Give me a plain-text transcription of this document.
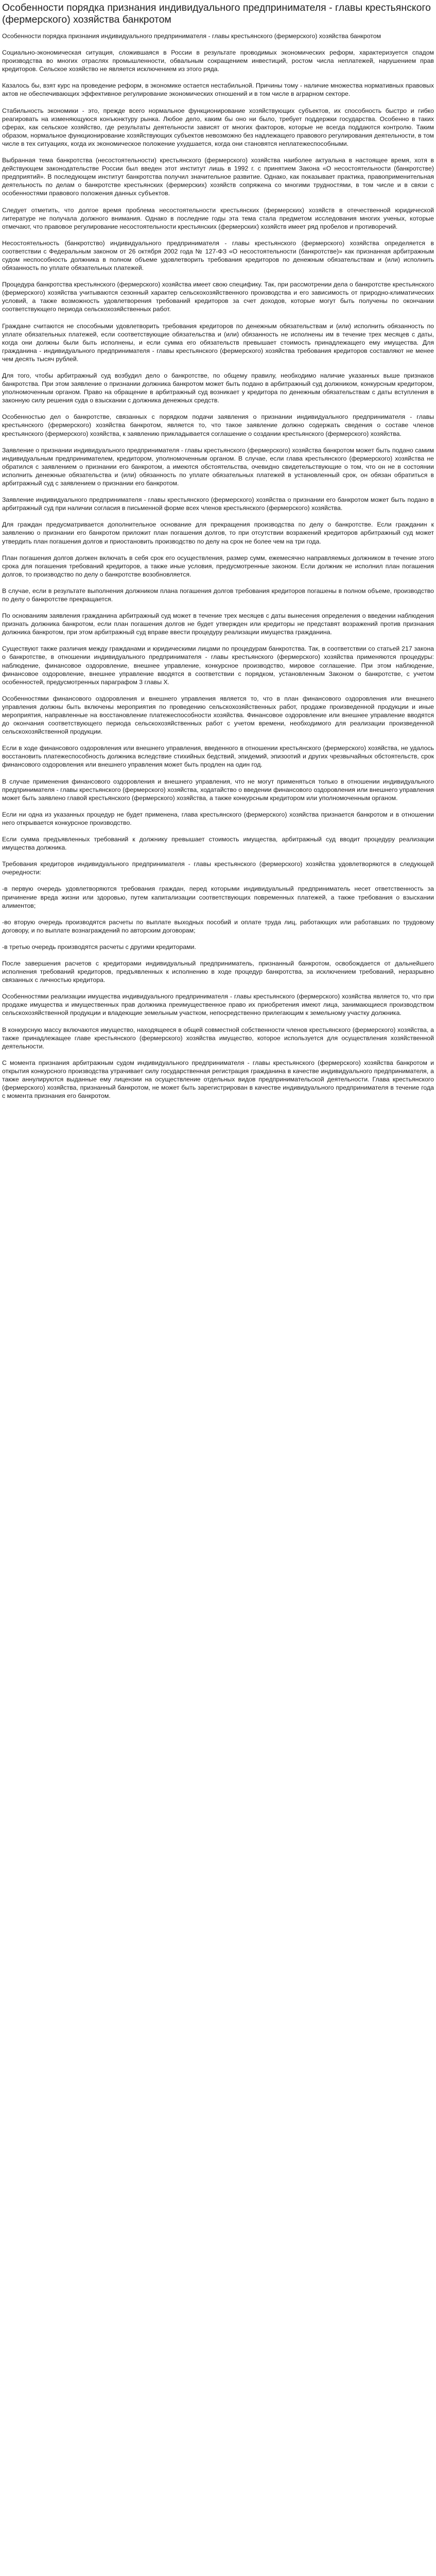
Особенности порядка признания индивидуального предпринимателя - главы крестьянского (фермерского) хозяйства банкротом

Особенности порядка признания индивидуального предпринимателя - главы крестьянского (фермерского) хозяйства банкротом

Социально-экономическая ситуация, сложившаяся в России в результате проводимых экономических реформ, характеризуется спадом производства во многих отраслях промышленности, обвальным сокращением инвестиций, ростом числа неплатежей, нарушением прав кредиторов. Сельское хозяйство не является исключением из этого ряда.

Казалось бы, взят курс на проведение реформ, в экономике остается нестабильной. Причины тому - наличие множества нормативных правовых актов не обеспечивающих эффективное регулирование экономических отношений и в том числе в аграрном секторе.

Стабильность экономики - это, прежде всего нормальное функционирование хозяйствующих субъектов, их способность быстро и гибко реагировать на изменяющуюся конъюнктуру рынка. Любое дело, каким бы оно ни было, требует поддержки государства. Особенно в таких сферах, как сельское хозяйство, где результаты деятельности зависят от многих факторов, которые не всегда поддаются контролю. Таким образом, нормальное функционирование хозяйствующих субъектов невозможно без надлежащего правового регулирования деятельности, в том числе в тех ситуациях, когда их экономическое положение ухудшается, когда они становятся неплатежеспособными.

Выбранная тема банкротства (несостоятельности) крестьянского (фермерского) хозяйства наиболее актуальна в настоящее время, хотя в действующем законодательстве России был введен этот институт лишь в 1992 г. с принятием Закона «О несостоятельности (банкротстве) предприятий». В последующем институт банкротства получил значительное развитие. Однако, как показывает практика, правоприменительная деятельность по делам о банкротстве крестьянских (фермерских) хозяйств сопряжена со многими трудностями, в том числе и в связи с особенностями правового положения данных субъектов.

Следует отметить, что долгое время проблема несостоятельности крестьянских (фермерских) хозяйств в отечественной юридической литературе не получала должного внимания. Однако в последние годы эта тема стала предметом исследования многих ученых, которые отмечают, что правовое регулирование несостоятельности крестьянских (фермерских) хозяйств имеет ряд пробелов и противоречий.

Несостоятельность (банкротство) индивидуального предпринимателя - главы крестьянского (фермерского) хозяйства определяется в соответствии с Федеральным законом от 26 октября 2002 года № 127-ФЗ «О несостоятельности (банкротстве)» как признанная арбитражным судом неспособность должника в полном объеме удовлетворить требования кредиторов по денежным обязательствам и (или) исполнить обязанность по уплате обязательных платежей.

Процедура банкротства крестьянского (фермерского) хозяйства имеет свою специфику. Так, при рассмотрении дела о банкротстве крестьянского (фермерского) хозяйства учитываются сезонный характер сельскохозяйственного производства и его зависимость от природно-климатических условий, а также возможность удовлетворения требований кредиторов за счет доходов, которые могут быть получены по окончании соответствующего периода сельскохозяйственных работ.

Граждане считаются не способными удовлетворить требования кредиторов по денежным обязательствам и (или) исполнить обязанность по уплате обязательных платежей, если соответствующие обязательства и (или) обязанность не исполнены им в течение трех месяцев с даты, когда они должны были быть исполнены, и если сумма его обязательств превышает стоимость принадлежащего ему имущества. Для гражданина - индивидуального предпринимателя - главы крестьянского (фермерского) хозяйства требования кредиторов составляют не менее чем десять тысяч рублей.

Для того, чтобы арбитражный суд возбудил дело о банкротстве, по общему правилу, необходимо наличие указанных выше признаков банкротства. При этом заявление о признании должника банкротом может быть подано в арбитражный суд должником, конкурсным кредитором, уполномоченным органом. Право на обращение в арбитражный суд возникает у кредитора по денежным обязательствам с даты вступления в законную силу решения суда о взыскании с должника денежных средств.

Особенностью дел о банкротстве, связанных с порядком подачи заявления о признании индивидуального предпринимателя - главы крестьянского (фермерского) хозяйства банкротом, является то, что такое заявление должно содержать сведения о составе членов крестьянского (фермерского) хозяйства, к заявлению прикладывается соглашение о создании крестьянского (фермерского) хозяйства.

Заявление о признании индивидуального предпринимателя - главы крестьянского (фермерского) хозяйства банкротом может быть подано самим индивидуальным предпринимателем, кредитором, уполномоченным органом. В случае, если глава крестьянского (фермерского) хозяйства не обратился с заявлением о признании его банкротом, а имеются обстоятельства, очевидно свидетельствующие о том, что он не в состоянии исполнить денежные обязательства и (или) обязанность по уплате обязательных платежей в установленный срок, он обязан обратиться в арбитражный суд с заявлением о признании его банкротом.

Заявление индивидуального предпринимателя - главы крестьянского (фермерского) хозяйства о признании его банкротом может быть подано в арбитражный суд при наличии согласия в письменной форме всех членов крестьянского (фермерского) хозяйства.

Для граждан предусматривается дополнительное основание для прекращения производства по делу о банкротстве. Если гражданин к заявлению о признании его банкротом приложит план погашения долгов, то при отсутствии возражений кредиторов арбитражный суд может утвердить план погашения долгов и приостановить производство по делу на срок не более чем на три года.

План погашения долгов должен включать в себя срок его осуществления, размер сумм, ежемесячно направляемых должником в течение этого срока для погашения требований кредиторов, а также иные условия, предусмотренные законом. Если должник не исполнил план погашения долгов, то производство по делу о банкротстве возобновляется.

В случае, если в результате выполнения должником плана погашения долгов требования кредиторов погашены в полном объеме, производство по делу о банкротстве прекращается.

По основаниям заявления гражданина арбитражный суд может в течение трех месяцев с даты вынесения определения о введении наблюдения признать должника банкротом, если план погашения долгов не будет утвержден или кредиторы не представят возражений против признания должника банкротом, при этом арбитражный суд вправе ввести процедуру реализации имущества гражданина.

Существуют также различия между гражданами и юридическими лицами по процедурам банкротства. Так, в соответствии со статьей 217 закона о банкротстве, в отношении индивидуального предпринимателя - главы крестьянского (фермерского) хозяйства применяются процедуры: наблюдение, финансовое оздоровление, внешнее управление, конкурсное производство, мировое соглашение. При этом наблюдение, финансовое оздоровление, внешнее управление вводятся в соответствии с порядком, установленным Законом о банкротстве, с учетом особенностей, предусмотренных параграфом 3 главы X.

Особенностями финансового оздоровления и внешнего управления является то, что в план финансового оздоровления или внешнего управления должны быть включены мероприятия по проведению сельскохозяйственных работ, продаже произведенной продукции и иные мероприятия, направленные на восстановление платежеспособности хозяйства. Финансовое оздоровление или внешнее управление вводятся до окончания соответствующего периода сельскохозяйственных работ с учетом времени, необходимого для реализации произведенной сельскохозяйственной продукции.

Если в ходе финансового оздоровления или внешнего управления, введенного в отношении крестьянского (фермерского) хозяйства, не удалось восстановить платежеспособность должника вследствие стихийных бедствий, эпидемий, эпизоотий и других чрезвычайных обстоятельств, срок финансового оздоровления или внешнего управления может быть продлен на один год.

В случае применения финансового оздоровления и внешнего управления, что не могут применяться только в отношении индивидуального предпринимателя - главы крестьянского (фермерского) хозяйства, ходатайство о введении финансового оздоровления или внешнего управления может быть заявлено главой крестьянского (фермерского) хозяйства, а также конкурсным кредитором или уполномоченным органом.

Если ни одна из указанных процедур не будет применена, глава крестьянского (фермерского) хозяйства признается банкротом и в отношении него открывается конкурсное производство.

Если сумма предъявленных требований к должнику превышает стоимость имущества, арбитражный суд вводит процедуру реализации имущества должника.

Требования кредиторов индивидуального предпринимателя - главы крестьянского (фермерского) хозяйства удовлетворяются в следующей очередности:

-в первую очередь удовлетворяются требования граждан, перед которыми индивидуальный предприниматель несет ответственность за причинение вреда жизни или здоровью, путем капитализации соответствующих повременных платежей, а также требования о взыскании алиментов;

-во вторую очередь производятся расчеты по выплате выходных пособий и оплате труда лиц, работающих или работавших по трудовому договору, и по выплате вознаграждений по авторским договорам;

-в третью очередь производятся расчеты с другими кредиторами.

После завершения расчетов с кредиторами индивидуальный предприниматель, признанный банкротом, освобождается от дальнейшего исполнения требований кредиторов, предъявленных к исполнению в ходе процедур банкротства, за исключением требований, неразрывно связанных с личностью кредитора.

Особенностями реализации имущества индивидуального предпринимателя - главы крестьянского (фермерского) хозяйства является то, что при продаже имущества и имущественных прав должника преимущественное право их приобретения имеют лица, занимающиеся производством сельскохозяйственной продукции и владеющие земельным участком, непосредственно прилегающим к земельному участку должника.

В конкурсную массу включаются имущество, находящееся в общей совместной собственности членов крестьянского (фермерского) хозяйства, а также принадлежащее главе крестьянского (фермерского) хозяйства имущество, которое используется для осуществления хозяйственной деятельности.

С момента признания арбитражным судом индивидуального предпринимателя - главы крестьянского (фермерского) хозяйства банкротом и открытия конкурсного производства утрачивает силу государственная регистрация гражданина в качестве индивидуального предпринимателя, а также аннулируются выданные ему лицензии на осуществление отдельных видов предпринимательской деятельности. Глава крестьянского (фермерского) хозяйства, признанный банкротом, не может быть зарегистрирован в качестве индивидуального предпринимателя в течение года с момента признания его банкротом.
